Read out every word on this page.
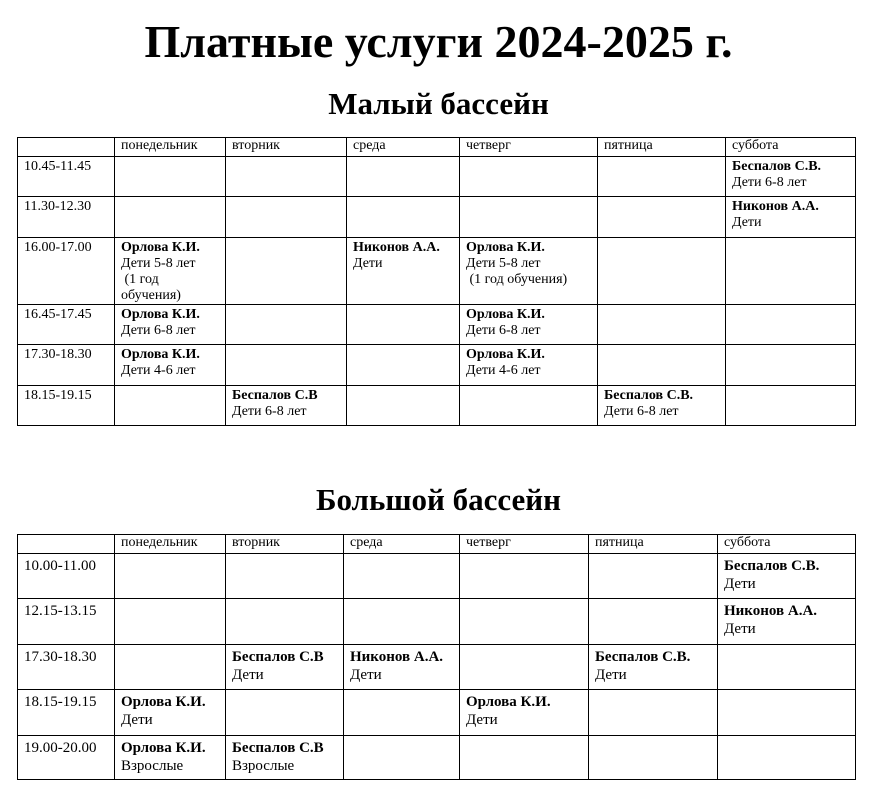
Платные услуги 2024-2025 г.
Малый бассейн
	понедельник	вторник	среда	четверг	пятница	суббота
10.45-11.45						Беспалов С.В.
Дети 6-8 лет

11.30-12.30						Никонов А.А.
Дети

16.00-17.00	Орлова К.И.
Дети 5-8 лет
(1 год обучения)		Никонов А.А.
Дети	Орлова К.И.
Дети 5-8 лет
(1 год обучения)		

16.45-17.45	Орлова К.И.
Дети 6-8 лет			Орлова К.И.
Дети 6-8 лет		

17.30-18.30	Орлова К.И.
Дети 4-6 лет			Орлова К.И.
Дети 4-6 лет		

18.15-19.15		Беспалов С.В
Дети 6-8 лет			Беспалов С.В.
Дети 6-8 лет	

Большой бассейн
	понедельник	вторник	среда	четверг	пятница	суббота
10.00-11.00						Беспалов С.В.
Дети

12.15-13.15						Никонов А.А.
Дети

17.30-18.30		Беспалов С.В
Дети	Никонов А.А.
Дети		Беспалов С.В.
Дети	

18.15-19.15	Орлова К.И.
Дети			Орлова К.И.
Дети		

19.00-20.00	Орлова К.И.
Взрослые	Беспалов С.В
Взрослые				
